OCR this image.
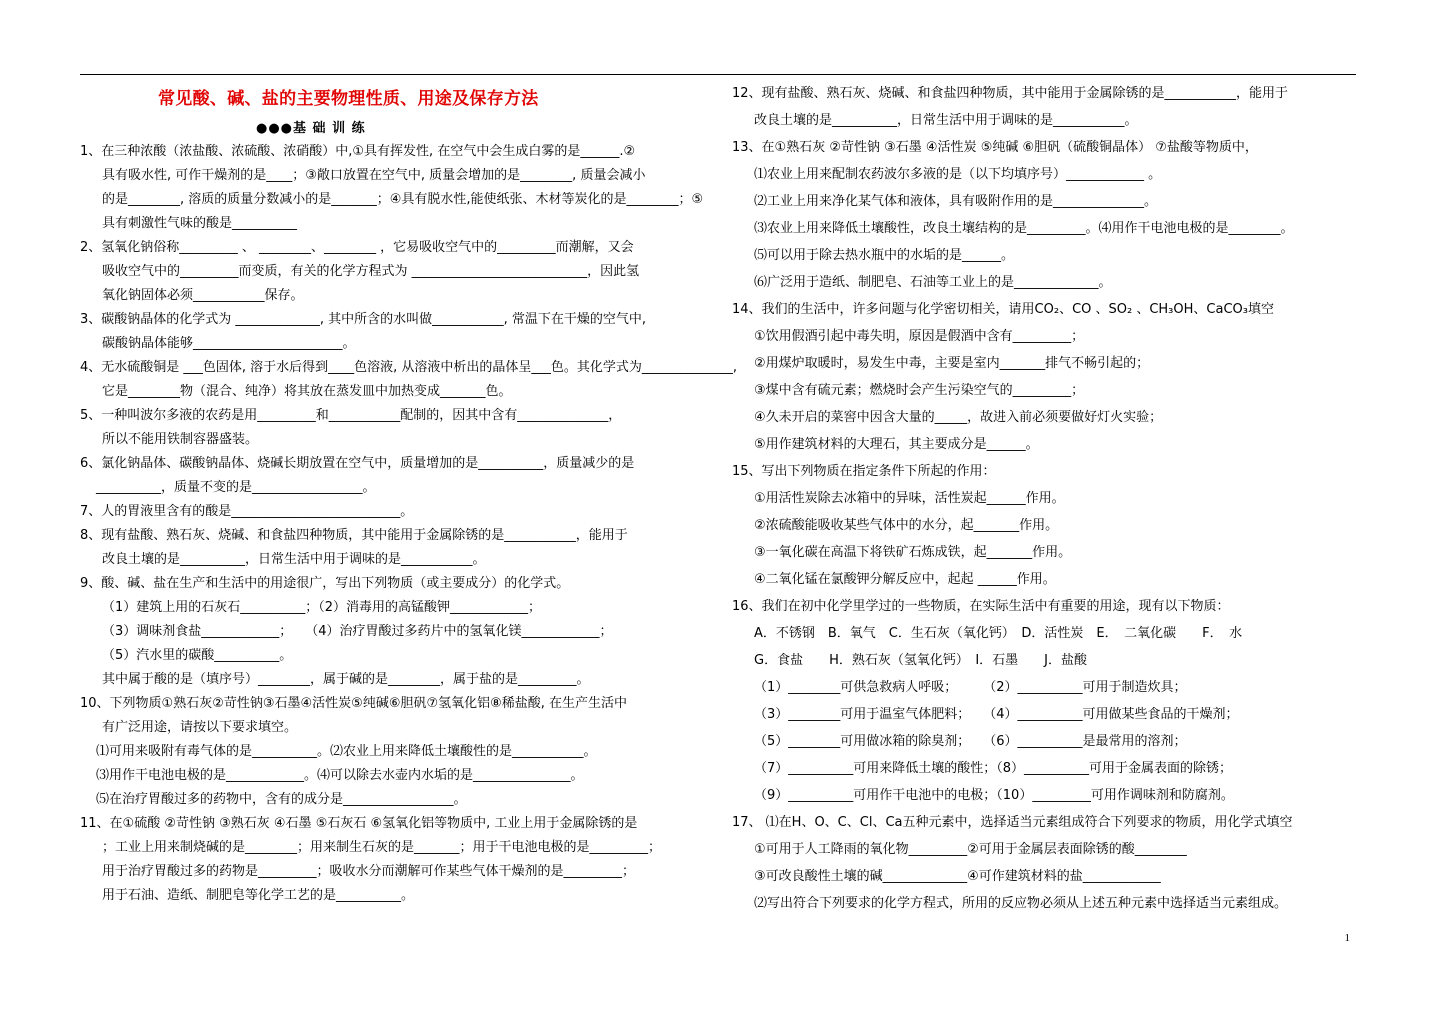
常见酸、碱、盐的主要物理性质、用途及保存方法
●●●基 础 训 练
1、在三种浓酸（浓盐酸、浓硫酸、浓硝酸）中,①具有挥发性, 在空气中会生成白雾的是______.②
具有吸水性, 可作干燥剂的是____；③敞口放置在空气中, 质量会增加的是________, 质量会减小
的是________, 溶质的质量分数减小的是_______；④具有脱水性,能使纸张、木材等炭化的是________；⑤
具有刺激性气味的酸是__________
2、氢氧化钠俗称_________ 、 ________、________ ，它易吸收空气中的_________而潮解，又会
吸收空气中的_________而变质，有关的化学方程式为 ___________________________，因此氢
氧化钠固体必须___________保存。
3、碳酸钠晶体的化学式为 _____________, 其中所含的水叫做___________, 常温下在干燥的空气中,
碳酸钠晶体能够_______________________。
4、无水硫酸铜是 ___色固体, 溶于水后得到____色溶液, 从溶液中析出的晶体呈___色。其化学式为______________,
它是________物（混合、纯净）将其放在蒸发皿中加热变成_______色。
5、一种叫波尔多液的农药是用_________和___________配制的，因其中含有______________，
所以不能用铁制容器盛装。
6、氯化钠晶体、碳酸钠晶体、烧碱长期放置在空气中，质量增加的是__________，质量减少的是
__________，质量不变的是_________________。
7、人的胃液里含有的酸是__________________________。
8、现有盐酸、熟石灰、烧碱、和食盐四种物质，其中能用于金属除锈的是___________，能用于
改良土壤的是__________，日常生活中用于调味的是___________。
9、酸、碱、盐在生产和生活中的用途很广，写出下列物质（或主要成分）的化学式。
（1）建筑上用的石灰石__________；（2）消毒用的高锰酸钾____________；
（3）调味剂食盐____________；　　（4）治疗胃酸过多药片中的氢氧化镁____________；
（5）汽水里的碳酸__________。
其中属于酸的是（填序号）________，属于碱的是________，属于盐的是_________。
10、下列物质①熟石灰②苛性钠③石墨④活性炭⑤纯碱⑥胆矾⑦氢氧化铝⑧稀盐酸, 在生产生活中
有广泛用途，请按以下要求填空。
⑴可用来吸附有毒气体的是__________。⑵农业上用来降低土壤酸性的是___________。
⑶用作干电池电极的是____________。⑷可以除去水壶内水垢的是_______________。
⑸在治疗胃酸过多的药物中，含有的成分是_________________。
11、在①硫酸 ②苛性钠 ③熟石灰 ④石墨 ⑤石灰石 ⑥氢氧化铝等物质中, 工业上用于金属除锈的是
；工业上用来制烧碱的是________；用来制生石灰的是_______；用于干电池电极的是_________；
用于治疗胃酸过多的药物是_________；吸收水分而潮解可作某些气体干燥剂的是_________；
用于石油、造纸、制肥皂等化学工艺的是__________。
12、现有盐酸、熟石灰、烧碱、和食盐四种物质，其中能用于金属除锈的是___________，能用于
改良土壤的是__________，日常生活中用于调味的是___________。
13、在①熟石灰 ②苛性钠 ③石墨 ④活性炭 ⑤纯碱 ⑥胆矾（硫酸铜晶体） ⑦盐酸等物质中，
⑴农业上用来配制农药波尔多液的是（以下均填序号）____________ 。
⑵工业上用来净化某气体和液体，具有吸附作用的是______________。
⑶农业上用来降低土壤酸性，改良土壤结构的是_________。⑷用作干电池电极的是________。
⑸可以用于除去热水瓶中的水垢的是______。
⑹广泛用于造纸、制肥皂、石油等工业上的是_____________。
14、我们的生活中，许多问题与化学密切相关，请用CO₂、CO 、SO₂ 、CH₃OH、CaCO₃填空
①饮用假酒引起中毒失明，原因是假酒中含有_________；
②用煤炉取暖时，易发生中毒，主要是室内_______排气不畅引起的；
③煤中含有硫元素；燃烧时会产生污染空气的_________；
④久未开启的菜窖中因含大量的_____，故进入前必须要做好灯火实验；
⑤用作建筑材料的大理石，其主要成分是______。
15、写出下列物质在指定条件下所起的作用：
①用活性炭除去冰箱中的异味，活性炭起______作用。
②浓硫酸能吸收某些气体中的水分，起_______作用。
③一氧化碳在高温下将铁矿石炼成铁，起_______作用。
④二氧化锰在氯酸钾分解反应中，起起 ______作用。
16、我们在初中化学里学过的一些物质，在实际生活中有重要的用途，现有以下物质：
A．不锈钢　B．氧气　C．生石灰（氧化钙）　D．活性炭　E．　二氧化碳　　F．　水
G．食盐　　H．熟石灰（氢氧化钙）　I．石墨　　J．盐酸
（1）________可供急救病人呼吸；　　　（2）__________可用于制造炊具；
（3）________可用于温室气体肥料；　　（4）__________可用做某些食品的干燥剂；
（5）________可用做冰箱的除臭剂；　　（6）__________是最常用的溶剂；
（7）__________可用来降低土壤的酸性；（8）__________可用于金属表面的除锈；
（9）__________可用作干电池中的电极；（10）_________可用作调味剂和防腐剂。
17、 ⑴在H、O、C、Cl、Ca五种元素中，选择适当元素组成符合下列要求的物质，用化学式填空
①可用于人工降雨的氧化物_________②可用于金属层表面除锈的酸________
③可改良酸性土壤的碱_____________④可作建筑材料的盐____________
⑵写出符合下列要求的化学方程式，所用的反应物必须从上述五种元素中选择适当元素组成。
1
